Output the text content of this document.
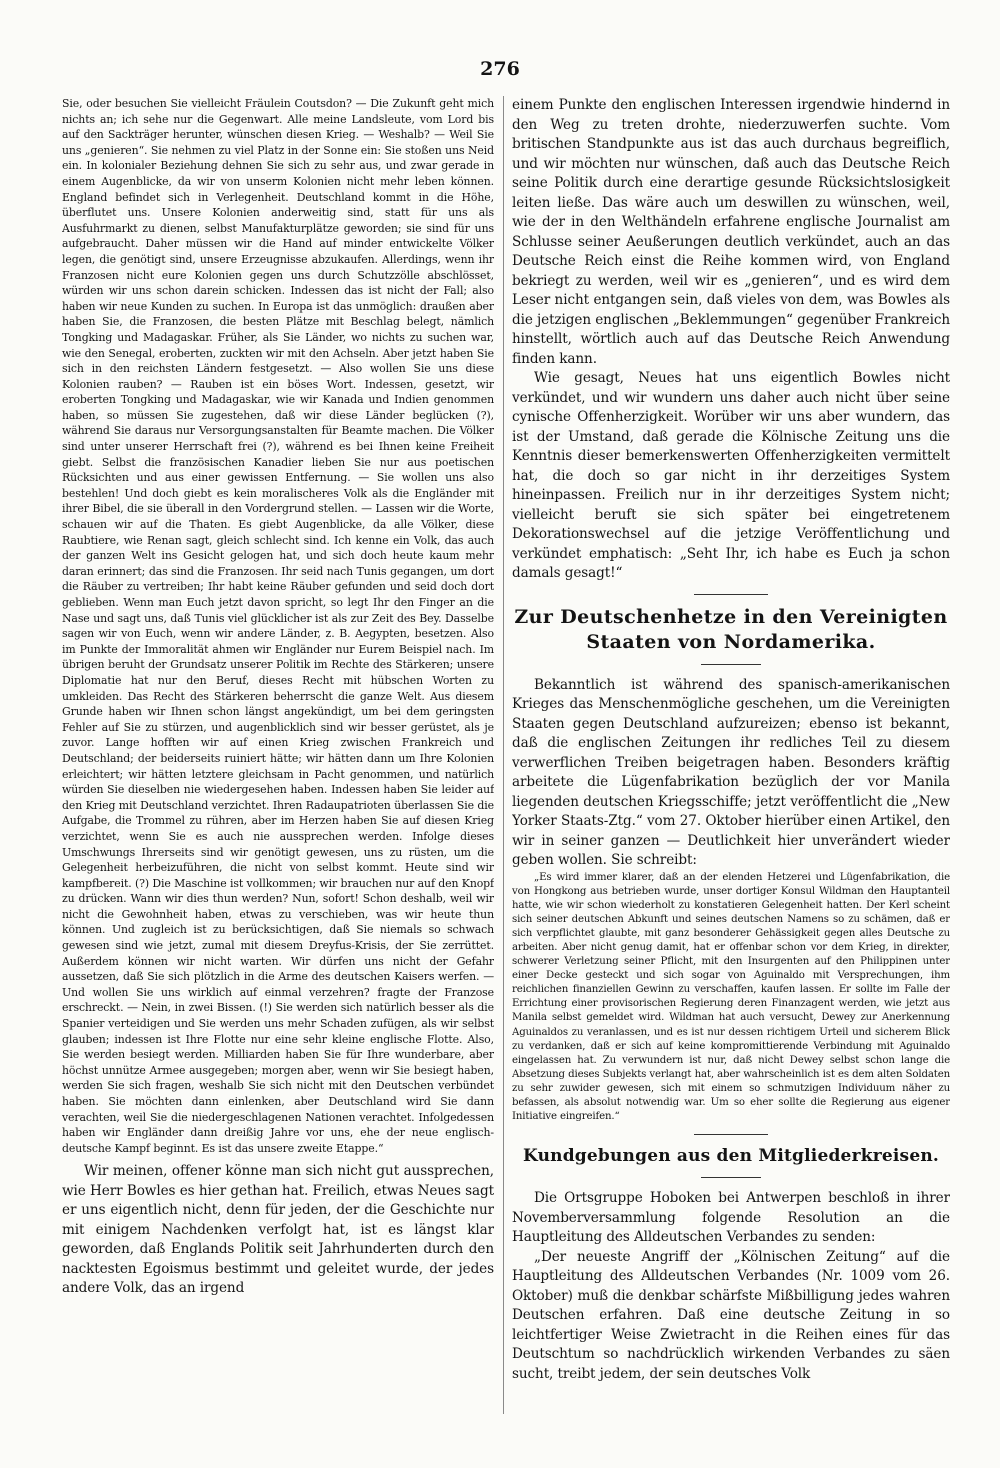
276

Sie, oder besuchen Sie vielleicht Fräulein Coutsdon? — Die Zukunft geht mich nichts an; ich sehe nur die Gegenwart. Alle meine Landsleute, vom Lord bis auf den Sackträger herunter, wünschen diesen Krieg. — Weshalb? — Weil Sie uns „genieren“. Sie nehmen zu viel Platz in der Sonne ein: Sie stoßen uns Neid ein. In kolonialer Beziehung dehnen Sie sich zu sehr aus, und zwar gerade in einem Augenblicke, da wir von unserm Kolonien nicht mehr leben können. England befindet sich in Verlegenheit. Deutschland kommt in die Höhe, überflutet uns. Unsere Kolonien anderweitig sind, statt für uns als Ausfuhrmarkt zu dienen, selbst Manufakturplätze geworden; sie sind für uns aufgebraucht. Daher müssen wir die Hand auf minder entwickelte Völker legen, die genötigt sind, unsere Erzeugnisse abzukaufen. Allerdings, wenn ihr Franzosen nicht eure Kolonien gegen uns durch Schutzzölle abschlösset, würden wir uns schon darein schicken. Indessen das ist nicht der Fall; also haben wir neue Kunden zu suchen. In Europa ist das unmöglich: draußen aber haben Sie, die Franzosen, die besten Plätze mit Beschlag belegt, nämlich Tongking und Madagaskar. Früher, als Sie Länder, wo nichts zu suchen war, wie den Senegal, eroberten, zuckten wir mit den Achseln. Aber jetzt haben Sie sich in den reichsten Ländern festgesetzt. — Also wollen Sie uns diese Kolonien rauben? — Rauben ist ein böses Wort. Indessen, gesetzt, wir eroberten Tongking und Madagaskar, wie wir Kanada und Indien genommen haben, so müssen Sie zugestehen, daß wir diese Länder beglücken (?), während Sie daraus nur Versorgungsanstalten für Beamte machen. Die Völker sind unter unserer Herrschaft frei (?), während es bei Ihnen keine Freiheit giebt. Selbst die französischen Kanadier lieben Sie nur aus poetischen Rücksichten und aus einer gewissen Entfernung. — Sie wollen uns also bestehlen! Und doch giebt es kein moralischeres Volk als die Engländer mit ihrer Bibel, die sie überall in den Vordergrund stellen. — Lassen wir die Worte, schauen wir auf die Thaten. Es giebt Augenblicke, da alle Völker, diese Raubtiere, wie Renan sagt, gleich schlecht sind. Ich kenne ein Volk, das auch der ganzen Welt ins Gesicht gelogen hat, und sich doch heute kaum mehr daran erinnert; das sind die Franzosen. Ihr seid nach Tunis gegangen, um dort die Räuber zu vertreiben; Ihr habt keine Räuber gefunden und seid doch dort geblieben. Wenn man Euch jetzt davon spricht, so legt Ihr den Finger an die Nase und sagt uns, daß Tunis viel glücklicher ist als zur Zeit des Bey. Dasselbe sagen wir von Euch, wenn wir andere Länder, z. B. Aegypten, besetzen. Also im Punkte der Immoralität ahmen wir Engländer nur Eurem Beispiel nach. Im übrigen beruht der Grundsatz unserer Politik im Rechte des Stärkeren; unsere Diplomatie hat nur den Beruf, dieses Recht mit hübschen Worten zu umkleiden. Das Recht des Stärkeren beherrscht die ganze Welt. Aus diesem Grunde haben wir Ihnen schon längst angekündigt, um bei dem geringsten Fehler auf Sie zu stürzen, und augenblicklich sind wir besser gerüstet, als je zuvor. Lange hofften wir auf einen Krieg zwischen Frankreich und Deutschland; der beiderseits ruiniert hätte; wir hätten dann um Ihre Kolonien erleichtert; wir hätten letztere gleichsam in Pacht genommen, und natürlich würden Sie dieselben nie wiedergesehen haben. Indessen haben Sie leider auf den Krieg mit Deutschland verzichtet. Ihren Radaupatrioten überlassen Sie die Aufgabe, die Trommel zu rühren, aber im Herzen haben Sie auf diesen Krieg verzichtet, wenn Sie es auch nie aussprechen werden. Infolge dieses Umschwungs Ihrerseits sind wir genötigt gewesen, uns zu rüsten, um die Gelegenheit herbeizuführen, die nicht von selbst kommt. Heute sind wir kampfbereit. (?) Die Maschine ist vollkommen; wir brauchen nur auf den Knopf zu drücken. Wann wir dies thun werden? Nun, sofort! Schon deshalb, weil wir nicht die Gewohnheit haben, etwas zu verschieben, was wir heute thun können. Und zugleich ist zu berücksichtigen, daß Sie niemals so schwach gewesen sind wie jetzt, zumal mit diesem Dreyfus-Krisis, der Sie zerrüttet. Außerdem können wir nicht warten. Wir dürfen uns nicht der Gefahr aussetzen, daß Sie sich plötzlich in die Arme des deutschen Kaisers werfen. — Und wollen Sie uns wirklich auf einmal verzehren? fragte der Franzose erschreckt. — Nein, in zwei Bissen. (!) Sie werden sich natürlich besser als die Spanier verteidigen und Sie werden uns mehr Schaden zufügen, als wir selbst glauben; indessen ist Ihre Flotte nur eine sehr kleine englische Flotte. Also, Sie werden besiegt werden. Milliarden haben Sie für Ihre wunderbare, aber höchst unnütze Armee ausgegeben; morgen aber, wenn wir Sie besiegt haben, werden Sie sich fragen, weshalb Sie sich nicht mit den Deutschen verbündet haben. Sie möchten dann einlenken, aber Deutschland wird Sie dann verachten, weil Sie die niedergeschlagenen Nationen verachtet. Infolgedessen haben wir Engländer dann dreißig Jahre vor uns, ehe der neue englisch-deutsche Kampf beginnt. Es ist das unsere zweite Etappe.“

Wir meinen, offener könne man sich nicht gut aussprechen, wie Herr Bowles es hier gethan hat. Freilich, etwas Neues sagt er uns eigentlich nicht, denn für jeden, der die Geschichte nur mit einigem Nachdenken verfolgt hat, ist es längst klar geworden, daß Englands Politik seit Jahrhunderten durch den nacktesten Egoismus bestimmt und geleitet wurde, der jedes andere Volk, das an irgend

einem Punkte den englischen Interessen irgendwie hindernd in den Weg zu treten drohte, niederzuwerfen suchte. Vom britischen Standpunkte aus ist das auch durchaus begreiflich, und wir möchten nur wünschen, daß auch das Deutsche Reich seine Politik durch eine derartige gesunde Rücksichtslosigkeit leiten ließe. Das wäre auch um deswillen zu wünschen, weil, wie der in den Welthändeln erfahrene englische Journalist am Schlusse seiner Aeußerungen deutlich verkündet, auch an das Deutsche Reich einst die Reihe kommen wird, von England bekriegt zu werden, weil wir es „genieren“, und es wird dem Leser nicht entgangen sein, daß vieles von dem, was Bowles als die jetzigen englischen „Beklemmungen“ gegenüber Frankreich hinstellt, wörtlich auch auf das Deutsche Reich Anwendung finden kann.

Wie gesagt, Neues hat uns eigentlich Bowles nicht verkündet, und wir wundern uns daher auch nicht über seine cynische Offenherzigkeit. Worüber wir uns aber wundern, das ist der Umstand, daß gerade die Kölnische Zeitung uns die Kenntnis dieser bemerkenswerten Offenherzigkeiten vermittelt hat, die doch so gar nicht in ihr derzeitiges System hineinpassen. Freilich nur in ihr derzeitiges System nicht; vielleicht beruft sie sich später bei eingetretenem Dekorationswechsel auf die jetzige Veröffentlichung und verkündet emphatisch: „Seht Ihr, ich habe es Euch ja schon damals gesagt!“

Zur Deutschenhetze in den Vereinigten Staaten von Nordamerika.

Bekanntlich ist während des spanisch-amerikanischen Krieges das Menschenmögliche geschehen, um die Vereinigten Staaten gegen Deutschland aufzureizen; ebenso ist bekannt, daß die englischen Zeitungen ihr redliches Teil zu diesem verwerflichen Treiben beigetragen haben. Besonders kräftig arbeitete die Lügenfabrikation bezüglich der vor Manila liegenden deutschen Kriegsschiffe; jetzt veröffentlicht die „New Yorker Staats-Ztg.“ vom 27. Oktober hierüber einen Artikel, den wir in seiner ganzen — Deutlichkeit hier unverändert wieder geben wollen. Sie schreibt:

„Es wird immer klarer, daß an der elenden Hetzerei und Lügenfabrikation, die von Hongkong aus betrieben wurde, unser dortiger Konsul Wildman den Hauptanteil hatte, wie wir schon wiederholt zu konstatieren Gelegenheit hatten. Der Kerl scheint sich seiner deutschen Abkunft und seines deutschen Namens so zu schämen, daß er sich verpflichtet glaubte, mit ganz besonderer Gehässigkeit gegen alles Deutsche zu arbeiten. Aber nicht genug damit, hat er offenbar schon vor dem Krieg, in direkter, schwerer Verletzung seiner Pflicht, mit den Insurgenten auf den Philippinen unter einer Decke gesteckt und sich sogar von Aguinaldo mit Versprechungen, ihm reichlichen finanziellen Gewinn zu verschaffen, kaufen lassen. Er sollte im Falle der Errichtung einer provisorischen Regierung deren Finanzagent werden, wie jetzt aus Manila selbst gemeldet wird. Wildman hat auch versucht, Dewey zur Anerkennung Aguinaldos zu veranlassen, und es ist nur dessen richtigem Urteil und sicherem Blick zu verdanken, daß er sich auf keine kompromittierende Verbindung mit Aguinaldo eingelassen hat. Zu verwundern ist nur, daß nicht Dewey selbst schon lange die Absetzung dieses Subjekts verlangt hat, aber wahrscheinlich ist es dem alten Soldaten zu sehr zuwider gewesen, sich mit einem so schmutzigen Individuum näher zu befassen, als absolut notwendig war. Um so eher sollte die Regierung aus eigener Initiative eingreifen.“

Kundgebungen aus den Mitgliederkreisen.

Die Ortsgruppe Hoboken bei Antwerpen beschloß in ihrer Novemberversammlung folgende Resolution an die Hauptleitung des Alldeutschen Verbandes zu senden:

„Der neueste Angriff der „Kölnischen Zeitung“ auf die Hauptleitung des Alldeutschen Verbandes (Nr. 1009 vom 26. Oktober) muß die denkbar schärfste Mißbilligung jedes wahren Deutschen erfahren. Daß eine deutsche Zeitung in so leichtfertiger Weise Zwietracht in die Reihen eines für das Deutschtum so nachdrücklich wirkenden Verbandes zu säen sucht, treibt jedem, der sein deutsches Volk
